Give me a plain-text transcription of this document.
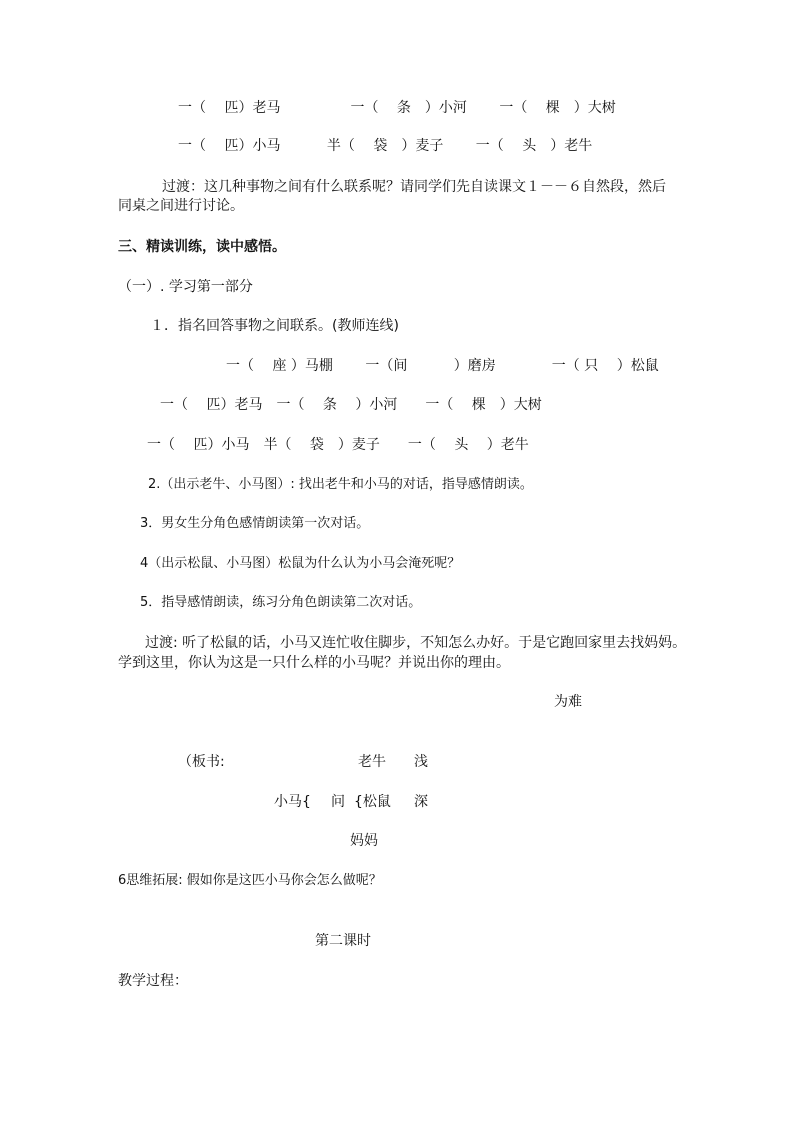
一（ 　匹）老马　　　　　一（　 条　）小河　　 一（　 棵　）大树
一（ 　匹）小马　　　 半（　 袋　）麦子　　 一（ 　头　）老牛
过渡：这几种事物之间有什么联系呢？请同学们先自读课文１－－６自然段，然后
同桌之间进行讨论。
三、精读训练，读中感悟。
（一）. 学习第一部分
１．指名回答事物之间联系。(教师连线)
一（ 　座 ）马棚　　 一（间　　　 ）磨房　　　　一（ 只　 ）松鼠
一（　 匹）老马　一（　 条 　）小河　　一（ 　棵　）大树
一（ 　匹）小马　半（ 　袋　）麦子　　一（ 　头 　）老牛
2.（出示老牛、小马图）: 找出老牛和小马的对话，指导感情朗读。
3．男女生分角色感情朗读第一次对话。
4（出示松鼠、小马图）松鼠为什么认为小马会淹死呢？
5．指导感情朗读，练习分角色朗读第二次对话。
过渡: 听了松鼠的话，小马又连忙收住脚步，不知怎么办好。于是它跑回家里去找妈妈。
学到这里，你认为这是一只什么样的小马呢？并说出你的理由。
为难
（板书:	老牛 浅
小马{ 问 {松鼠 深
妈妈
6思维拓展: 假如你是这匹小马你会怎么做呢？
第二课时
教学过程：
